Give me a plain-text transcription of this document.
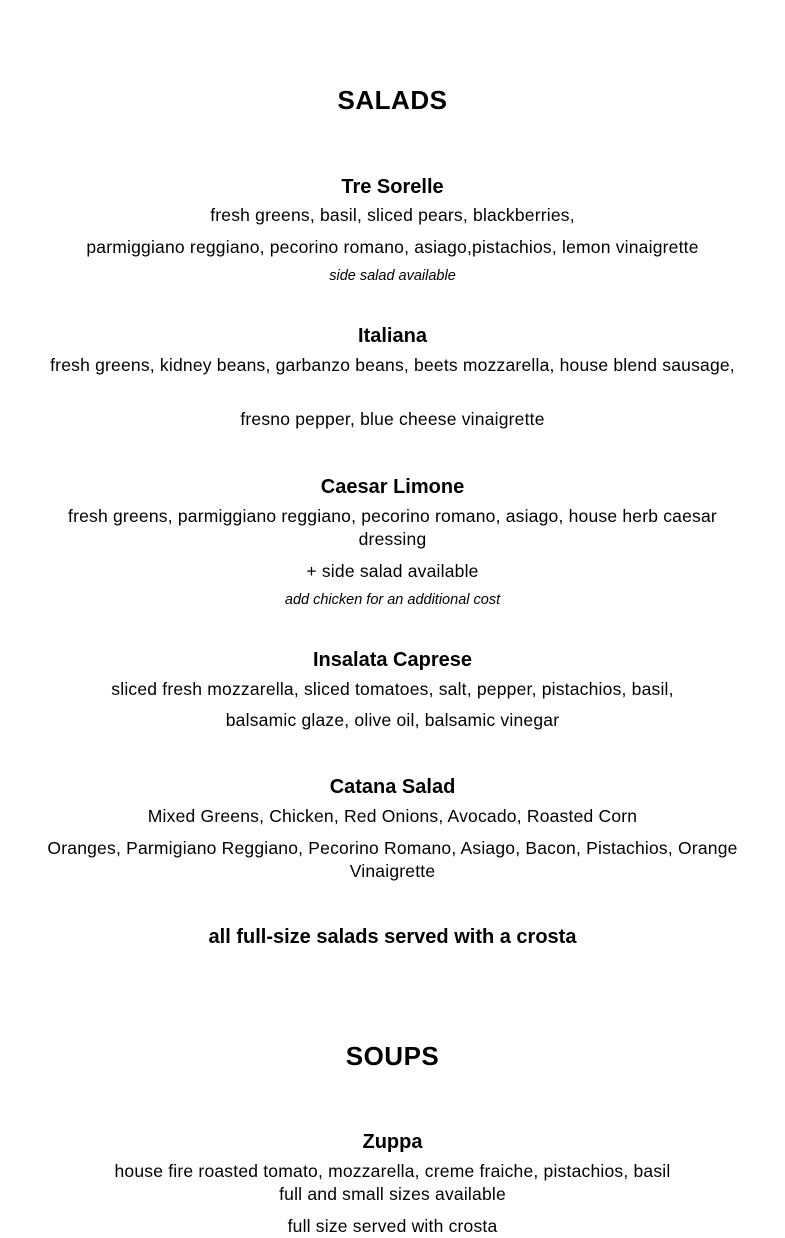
SALADS
Tre Sorelle

fresh greens, basil, sliced pears, blackberries,

parmiggiano reggiano, pecorino romano, asiago,pistachios, lemon vinaigrette

side salad available

Italiana

fresh greens, kidney beans, garbanzo beans, beets mozzarella, house blend sausage,

fresno pepper, blue cheese vinaigrette

Caesar Limone

fresh greens, parmiggiano reggiano, pecorino romano, asiago, house herb caesar dressing

+ side salad available

add chicken for an additional cost

Insalata Caprese

sliced fresh mozzarella, sliced tomatoes, salt, pepper, pistachios, basil,

balsamic glaze, olive oil, balsamic vinegar

Catana Salad

Mixed Greens, Chicken, Red Onions, Avocado, Roasted Corn

Oranges, Parmigiano Reggiano, Pecorino Romano, Asiago, Bacon, Pistachios, Orange Vinaigrette

all full-size salads served with a crosta

SOUPS
Zuppa

house fire roasted tomato, mozzarella, creme fraiche, pistachios, basil

full and small sizes available

full size served with crosta
